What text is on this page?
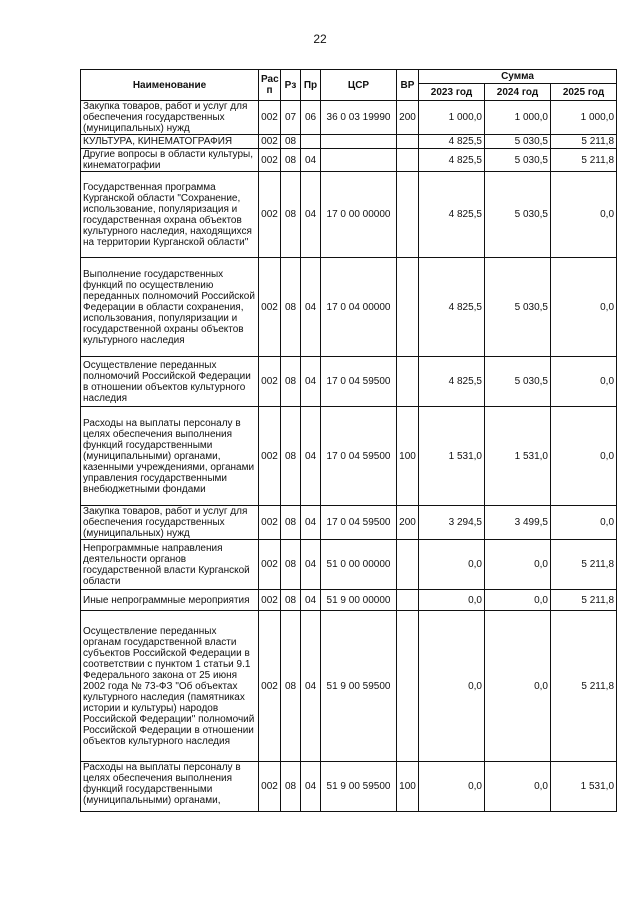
22
Наименование	Рас п	Рз	Пр	ЦСР	ВР	Сумма		
						2023 год	2024 год	2025 год
Закупка товаров, работ и услуг для обеспечения государственных (муниципальных) нужд	002	07	06	36 0 03 19990	200	1 000,0	1 000,0	1 000,0
КУЛЬТУРА, КИНЕМАТОГРАФИЯ	002	08				4 825,5	5 030,5	5 211,8
Другие вопросы в области культуры, кинематографии	002	08	04			4 825,5	5 030,5	5 211,8
Государственная программа Курганской области "Сохранение, использование, популяризация и государственная охрана объектов культурного наследия, находящихся на территории Курганской области"	002	08	04	17 0 00 00000		4 825,5	5 030,5	0,0
Выполнение государственных функций по осуществлению переданных полномочий Российской Федерации в области сохранения, использования, популяризации и государственной охраны объектов культурного наследия	002	08	04	17 0 04 00000		4 825,5	5 030,5	0,0
Осуществление переданных полномочий Российской Федерации в отношении объектов культурного наследия	002	08	04	17 0 04 59500		4 825,5	5 030,5	0,0
Расходы на выплаты персоналу в целях обеспечения выполнения функций государственными (муниципальными) органами, казенными учреждениями, органами управления государственными внебюджетными фондами	002	08	04	17 0 04 59500	100	1 531,0	1 531,0	0,0
Закупка товаров, работ и услуг для обеспечения государственных (муниципальных) нужд	002	08	04	17 0 04 59500	200	3 294,5	3 499,5	0,0
Непрограммные направления деятельности органов государственной власти Курганской области	002	08	04	51 0 00 00000		0,0	0,0	5 211,8
Иные непрограммные мероприятия	002	08	04	51 9 00 00000		0,0	0,0	5 211,8
Осуществление переданных органам государственной власти субъектов Российской Федерации в соответствии с пунктом 1 статьи 9.1 Федерального закона от 25 июня 2002 года № 73-ФЗ "Об объектах культурного наследия (памятниках истории и культуры) народов Российской Федерации" полномочий Российской Федерации в отношении объектов культурного наследия	002	08	04	51 9 00 59500		0,0	0,0	5 211,8
Расходы на выплаты персоналу в целях обеспечения выполнения функций государственными (муниципальными) органами,	002	08	04	51 9 00 59500	100	0,0	0,0	1 531,0
